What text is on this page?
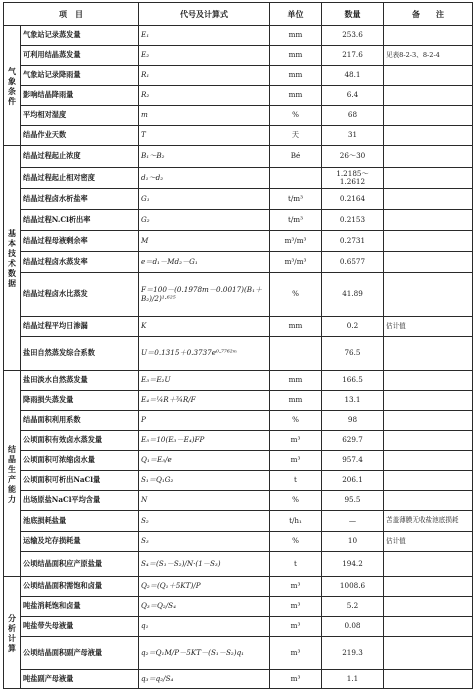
项　目		代号及计算式	单位	数量	备　　注

气象条件	气象站记录蒸发量	E₁	mm	253.6	
	可利用结晶蒸发量	E₂	mm	217.6	见表8-2-3、8-2-4
	气象站记录降雨量	R₁	mm	48.1	
	影响结晶降雨量	R₂	mm	6.4	
	平均相对湿度	m	%	68	
	结晶作业天数	T	天	31	

基本技术数据	结晶过程起止浓度	B₁～B₂	Bé	26～30	
	结晶过程起止相对密度	d₁～d₂		1.2185～1.2612	
	结晶过程卤水析盐率	G₁	t/m³	0.2164	
	结晶过程N.Cl析出率	G₂	t/m³	0.2153	
	结晶过程母液剩余率	M	m³/m³	0.2731	
	结晶过程卤水蒸发率	e＝d₁－Md₂－G₁	m³/m³	0.6577	
	结晶过程卤水比蒸发	F＝100－(0.1978m－0.0017)(B₁＋B₂)/2)¹·⁶²⁵	%	41.89	
	结晶过程平均日渗漏	K	mm	0.2	估计值
	盐田自然蒸发综合系数	U＝0.1315＋0.3737e⁰·⁷⁷⁶²ᵐ		76.5	

结晶生产能力	盐田淡水自然蒸发量	E₃＝E₂U	mm	166.5	
	降雨损失蒸发量	E₄＝¼R＋¾R/F	mm	13.1	
	结晶面积利用系数	P	%	98	
	公顷面积有效卤水蒸发量	E₅＝10(E₃－E₄)FP	m³	629.7	
	公顷面积可浓缩卤水量	Q₁＝E₅/e	m³	957.4	
	公顷面积可析出NaCl量	S₁＝Q₁G₂	t	206.1	
	出场原盐NaCl平均含量	N	%	95.5	
	池底损耗盐量	S₂	t/h₁	—	苫盖薄膜无收盐池底损耗
	运输及坨存损耗量	S₃	%	10	估计值
	公顷结晶面积应产原盐量	S₄＝(S₁－S₂)/N·(1－S₃)	t	194.2	

分析计算	公顷结晶面积需饱和卤量	Q₂＝(Q₁＋5KT)/P	m³	1008.6	
	吨盐消耗饱和卤量	Q₃＝Q₂/S₄	m³	5.2	
	吨盐带失母液量	q₁	m³	0.08	
	公顷结晶面积副产母液量	q₂＝Q₁M/P－5KT－(S₁－S₂)q₁	m³	219.3	
	吨盐副产母液量	q₃＝q₂/S₄	m³	1.1	
